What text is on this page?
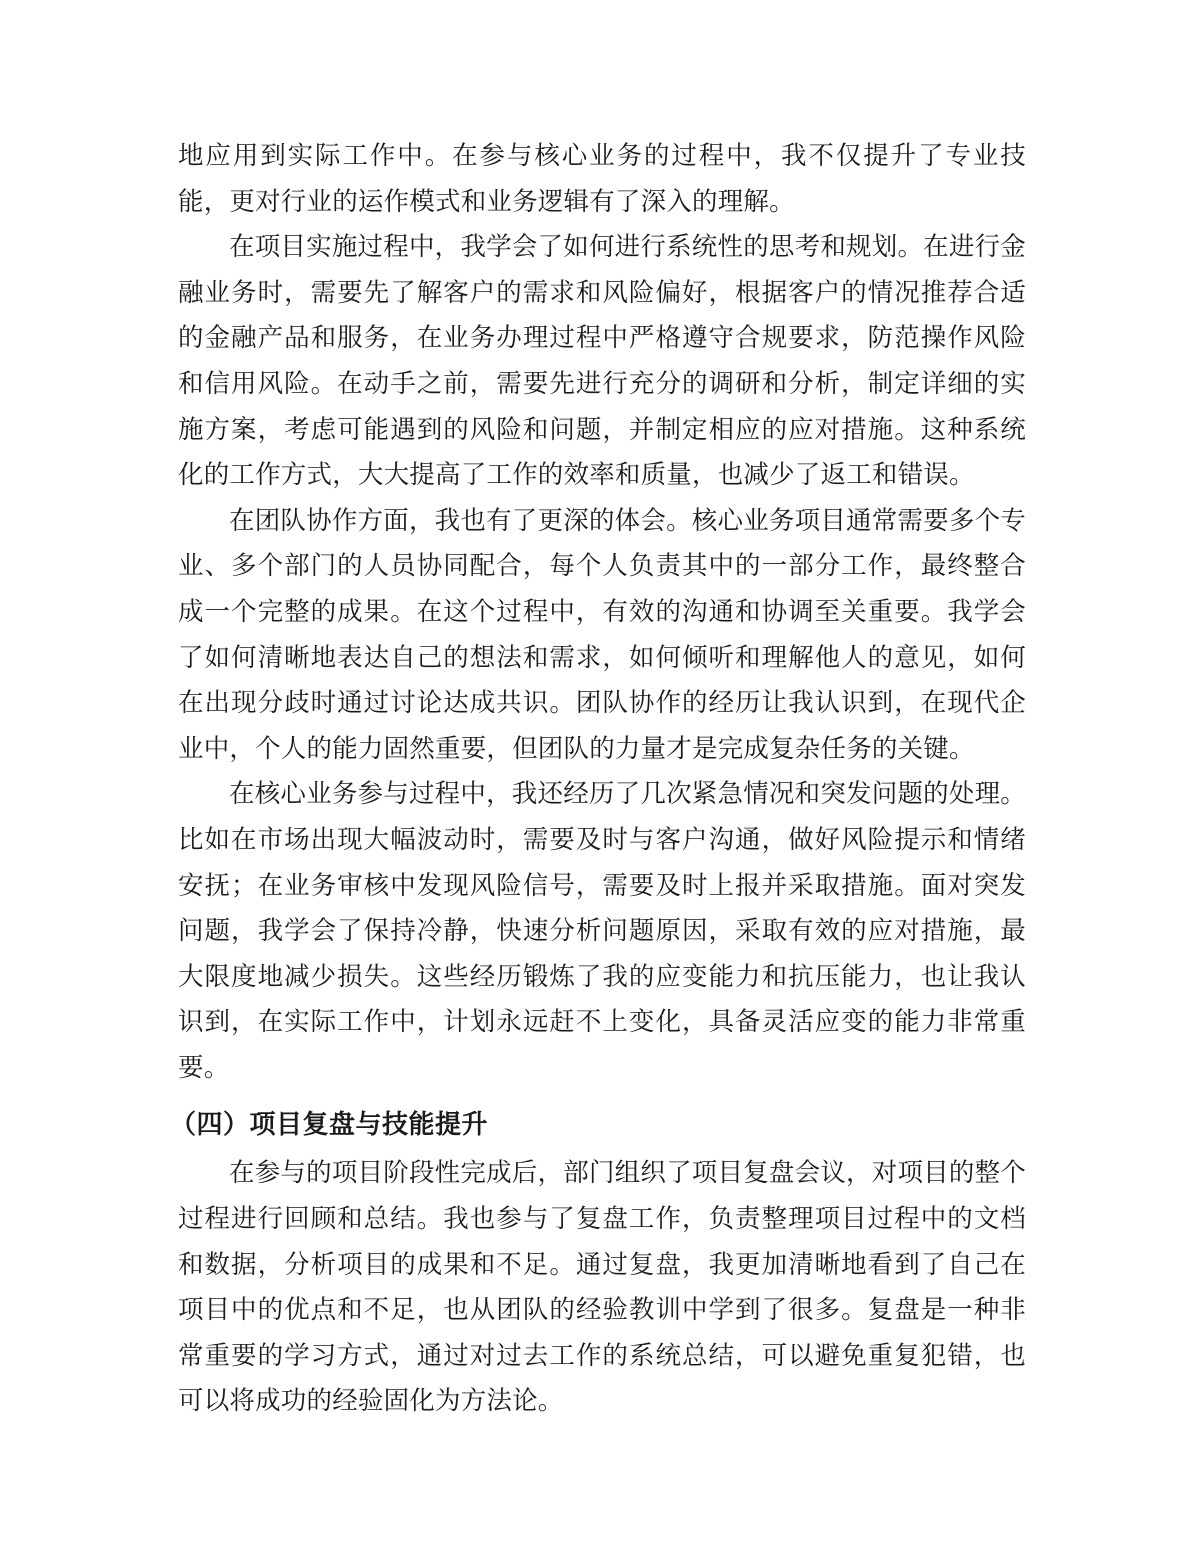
地应用到实际工作中。在参与核心业务的过程中，我不仅提升了专业技能，更对行业的运作模式和业务逻辑有了深入的理解。

在项目实施过程中，我学会了如何进行系统性的思考和规划。在进行金融业务时，需要先了解客户的需求和风险偏好，根据客户的情况推荐合适的金融产品和服务，在业务办理过程中严格遵守合规要求，防范操作风险和信用风险。在动手之前，需要先进行充分的调研和分析，制定详细的实施方案，考虑可能遇到的风险和问题，并制定相应的应对措施。这种系统化的工作方式，大大提高了工作的效率和质量，也减少了返工和错误。

在团队协作方面，我也有了更深的体会。核心业务项目通常需要多个专业、多个部门的人员协同配合，每个人负责其中的一部分工作，最终整合成一个完整的成果。在这个过程中，有效的沟通和协调至关重要。我学会了如何清晰地表达自己的想法和需求，如何倾听和理解他人的意见，如何在出现分歧时通过讨论达成共识。团队协作的经历让我认识到，在现代企业中，个人的能力固然重要，但团队的力量才是完成复杂任务的关键。

在核心业务参与过程中，我还经历了几次紧急情况和突发问题的处理。比如在市场出现大幅波动时，需要及时与客户沟通，做好风险提示和情绪安抚；在业务审核中发现风险信号，需要及时上报并采取措施。面对突发问题，我学会了保持冷静，快速分析问题原因，采取有效的应对措施，最大限度地减少损失。这些经历锻炼了我的应变能力和抗压能力，也让我认识到，在实际工作中，计划永远赶不上变化，具备灵活应变的能力非常重要。

（四）项目复盘与技能提升

在参与的项目阶段性完成后，部门组织了项目复盘会议，对项目的整个过程进行回顾和总结。我也参与了复盘工作，负责整理项目过程中的文档和数据，分析项目的成果和不足。通过复盘，我更加清晰地看到了自己在项目中的优点和不足，也从团队的经验教训中学到了很多。复盘是一种非常重要的学习方式，通过对过去工作的系统总结，可以避免重复犯错，也可以将成功的经验固化为方法论。
